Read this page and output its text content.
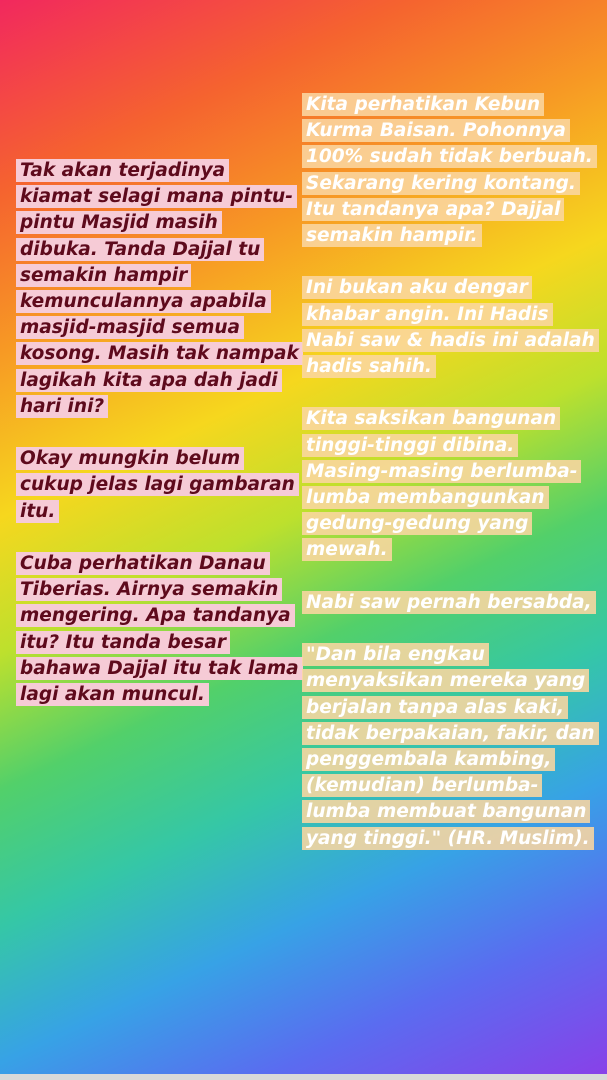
Tak akan terjadinya kiamat selagi mana pintu-pintu Masjid masih dibuka. Tanda Dajjal tu semakin hampir kemunculannya apabila masjid-masjid semua kosong. Masih tak nampak lagikah kita apa dah jadi hari ini?

Okay mungkin belum cukup jelas lagi gambaran itu.

Cuba perhatikan Danau Tiberias. Airnya semakin mengering. Apa tandanya itu? Itu tanda besar bahawa Dajjal itu tak lama lagi akan muncul.

Kita perhatikan Kebun Kurma Baisan. Pohonnya 100% sudah tidak berbuah. Sekarang kering kontang. Itu tandanya apa? Dajjal semakin hampir.

Ini bukan aku dengar khabar angin. Ini Hadis Nabi saw & hadis ini adalah hadis sahih.

Kita saksikan bangunan tinggi-tinggi dibina. Masing-masing berlumba-lumba membangunkan gedung-gedung yang mewah.

Nabi saw pernah bersabda,

"Dan bila engkau menyaksikan mereka yang berjalan tanpa alas kaki, tidak berpakaian, fakir, dan penggembala kambing, (kemudian) berlumba-lumba membuat bangunan yang tinggi." (HR. Muslim).
